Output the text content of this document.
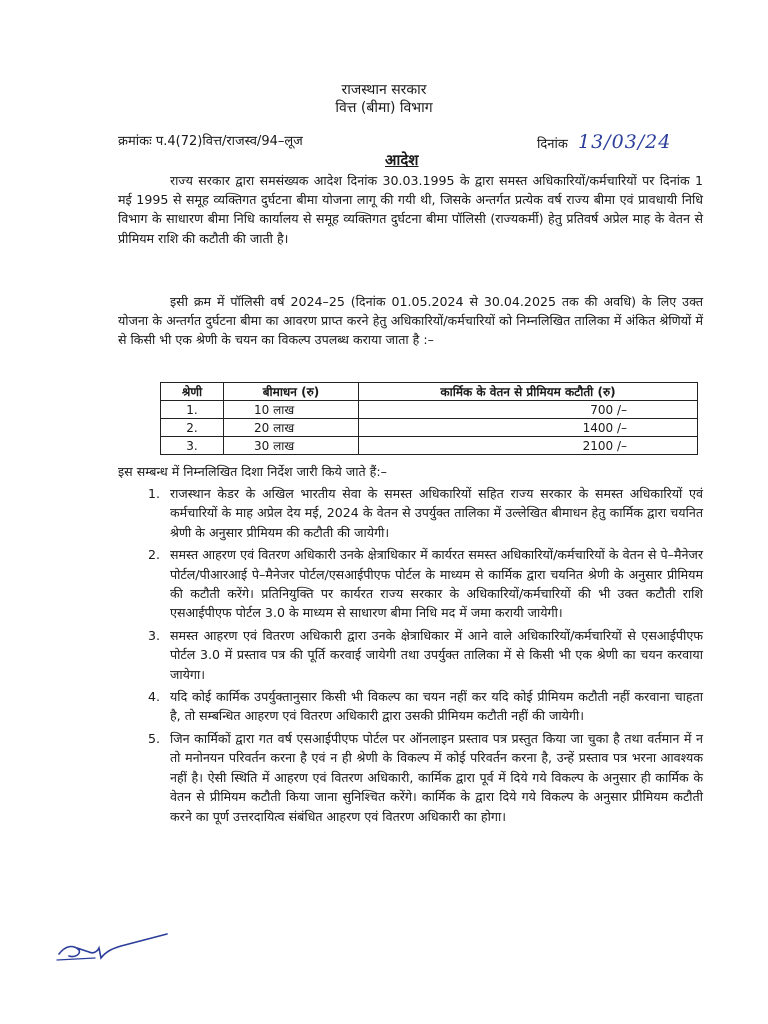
राजस्थान सरकार
वित्त (बीमा) विभाग
क्रमांकः प.4(72)वित्त/राजस्व/94–लूज	दिनांक 13/03/24
आदेश

राज्य सरकार द्वारा समसंख्यक आदेश दिनांक 30.03.1995 के द्वारा समस्त अधिकारियों/कर्मचारियों पर दिनांक 1 मई 1995 से समूह व्यक्तिगत दुर्घटना बीमा योजना लागू की गयी थी, जिसके अन्तर्गत प्रत्येक वर्ष राज्य बीमा एवं प्रावधायी निधि विभाग के साधारण बीमा निधि कार्यालय से समूह व्यक्तिगत दुर्घटना बीमा पॉलिसी (राज्यकर्मी) हेतु प्रतिवर्ष अप्रेल माह के वेतन से प्रीमियम राशि की कटौती की जाती है।

इसी क्रम में पॉलिसी वर्ष 2024–25 (दिनांक 01.05.2024 से 30.04.2025 तक की अवधि) के लिए उक्त योजना के अन्तर्गत दुर्घटना बीमा का आवरण प्राप्त करने हेतु अधिकारियों/कर्मचारियों को निम्नलिखित तालिका में अंकित श्रेणियों में से किसी भी एक श्रेणी के चयन का विकल्प उपलब्ध कराया जाता है :–

श्रेणी	बीमाधन (रु)	कार्मिक के वेतन से प्रीमियम कटौती (रु)
1.	10 लाख	700 /–
2.	20 लाख	1400 /–
3.	30 लाख	2100 /–
इस सम्बन्ध में निम्नलिखित दिशा निर्देश जारी किये जाते हैं:–
1. राजस्थान केडर के अखिल भारतीय सेवा के समस्त अधिकारियों सहित राज्य सरकार के समस्त अधिकारियों एवं कर्मचारियों के माह अप्रेल देय मई, 2024 के वेतन से उपर्युक्त तालिका में उल्लेखित बीमाधन हेतु कार्मिक द्वारा चयनित श्रेणी के अनुसार प्रीमियम की कटौती की जायेगी।
2. समस्त आहरण एवं वितरण अधिकारी उनके क्षेत्राधिकार में कार्यरत समस्त अधिकारियों/कर्मचारियों के वेतन से पे–मैनेजर पोर्टल/पीआरआई पे–मैनेजर पोर्टल/एसआईपीएफ पोर्टल के माध्यम से कार्मिक द्वारा चयनित श्रेणी के अनुसार प्रीमियम की कटौती करेंगे। प्रतिनियुक्ति पर कार्यरत राज्य सरकार के अधिकारियों/कर्मचारियों की भी उक्त कटौती राशि एसआईपीएफ पोर्टल 3.0 के माध्यम से साधारण बीमा निधि मद में जमा करायी जायेगी।
3. समस्त आहरण एवं वितरण अधिकारी द्वारा उनके क्षेत्राधिकार में आने वाले अधिकारियों/कर्मचारियों से एसआईपीएफ पोर्टल 3.0 में प्रस्ताव पत्र की पूर्ति करवाई जायेगी तथा उपर्युक्त तालिका में से किसी भी एक श्रेणी का चयन करवाया जायेगा।
4. यदि कोई कार्मिक उपर्युक्तानुसार किसी भी विकल्प का चयन नहीं कर यदि कोई प्रीमियम कटौती नहीं करवाना चाहता है, तो सम्बन्धित आहरण एवं वितरण अधिकारी द्वारा उसकी प्रीमियम कटौती नहीं की जायेगी।
5. जिन कार्मिकों द्वारा गत वर्ष एसआईपीएफ पोर्टल पर ऑनलाइन प्रस्ताव पत्र प्रस्तुत किया जा चुका है तथा वर्तमान में न तो मनोनयन परिवर्तन करना है एवं न ही श्रेणी के विकल्प में कोई परिवर्तन करना है, उन्हें प्रस्ताव पत्र भरना आवश्यक नहीं है। ऐसी स्थिति में आहरण एवं वितरण अधिकारी, कार्मिक द्वारा पूर्व में दिये गये विकल्प के अनुसार ही कार्मिक के वेतन से प्रीमियम कटौती किया जाना सुनिश्चित करेंगे। कार्मिक के द्वारा दिये गये विकल्प के अनुसार प्रीमियम कटौती करने का पूर्ण उत्तरदायित्व संबंधित आहरण एवं वितरण अधिकारी का होगा।
